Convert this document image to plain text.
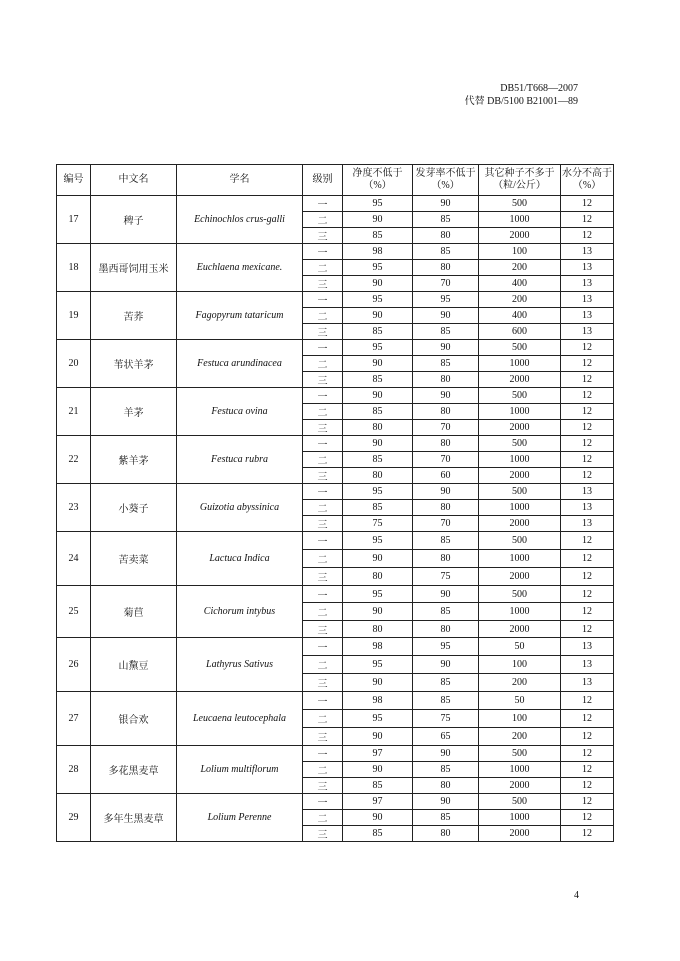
DB51/T668—2007
代替 DB/5100 B21001—89
编号	中文名	学名	级别	净度不低于（%）	发芽率不低于（%）	其它种子不多于（粒/公斤）	水分不高于（%）
17	稗子	Echinochlos crus-galli	一	95	90	500	12
			二	90	85	1000	12
			三	85	80	2000	12
18	墨西哥饲用玉米	Euchlaena mexicane.	一	98	85	100	13
			二	95	80	200	13
			三	90	70	400	13
19	苦荞	Fagopyrum tataricum	一	95	95	200	13
			二	90	90	400	13
			三	85	85	600	13
20	苇状羊茅	Festuca arundinacea	一	95	90	500	12
			二	90	85	1000	12
			三	85	80	2000	12
21	羊茅	Festuca ovina	一	90	90	500	12
			二	85	80	1000	12
			三	80	70	2000	12
22	紫羊茅	Festuca rubra	一	90	80	500	12
			二	85	70	1000	12
			三	80	60	2000	12
23	小葵子	Guizotia abyssinica	一	95	90	500	13
			二	85	80	1000	13
			三	75	70	2000	13
24	苦卖菜	Lactuca Indica	一	95	85	500	12
			二	90	80	1000	12
			三	80	75	2000	12
25	菊苣	Cichorum intybus	一	95	90	500	12
			二	90	85	1000	12
			三	80	80	2000	12
26	山黧豆	Lathyrus Sativus	一	98	95	50	13
			二	95	90	100	13
			三	90	85	200	13
27	银合欢	Leucaena leutocephala	一	98	85	50	12
			二	95	75	100	12
			三	90	65	200	12
28	多花黑麦草	Lolium multiflorum	一	97	90	500	12
			二	90	85	1000	12
			三	85	80	2000	12
29	多年生黑麦草	Lolium Perenne	一	97	90	500	12
			二	90	85	1000	12
			三	85	80	2000	12
4
